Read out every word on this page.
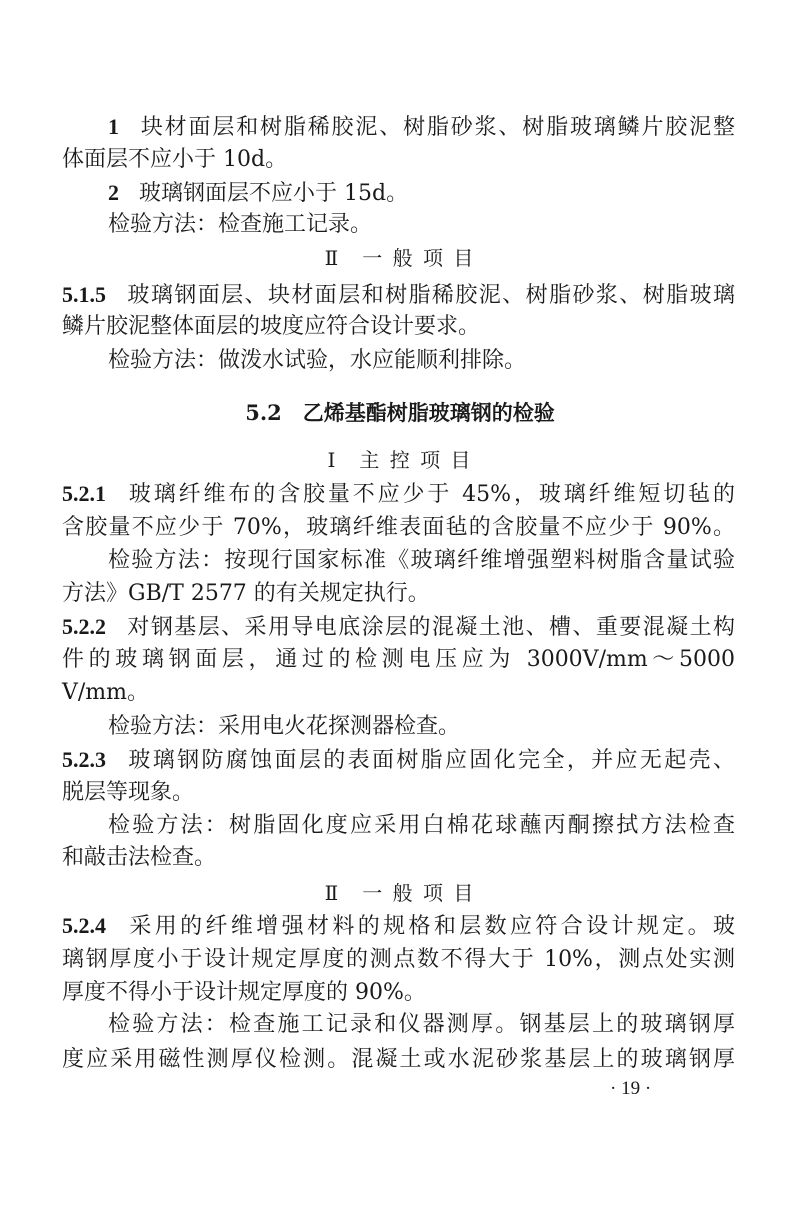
1 块材面层和树脂稀胶泥、树脂砂浆、树脂玻璃鳞片胶泥整
体面层不应小于 10d。
2 玻璃钢面层不应小于 15d。
检验方法：检查施工记录。
Ⅱ　一 般 项 目
5.1.5 玻璃钢面层、块材面层和树脂稀胶泥、树脂砂浆、树脂玻璃
鳞片胶泥整体面层的坡度应符合设计要求。
检验方法：做泼水试验，水应能顺利排除。
5.2　乙烯基酯树脂玻璃钢的检验
Ⅰ　主 控 项 目
5.2.1 玻璃纤维布的含胶量不应少于 45%，玻璃纤维短切毡的
含胶量不应少于 70%，玻璃纤维表面毡的含胶量不应少于 90%。
检验方法：按现行国家标准《玻璃纤维增强塑料树脂含量试验
方法》GB/T 2577 的有关规定执行。
5.2.2 对钢基层、采用导电底涂层的混凝土池、槽、重要混凝土构
件的玻璃钢面层，通过的检测电压应为 3000V/mm～5000
V/mm。
检验方法：采用电火花探测器检查。
5.2.3 玻璃钢防腐蚀面层的表面树脂应固化完全，并应无起壳、
脱层等现象。
检验方法：树脂固化度应采用白棉花球蘸丙酮擦拭方法检查
和敲击法检查。
Ⅱ　一 般 项 目
5.2.4 采用的纤维增强材料的规格和层数应符合设计规定。玻
璃钢厚度小于设计规定厚度的测点数不得大于 10%，测点处实测
厚度不得小于设计规定厚度的 90%。
检验方法：检查施工记录和仪器测厚。钢基层上的玻璃钢厚
度应采用磁性测厚仪检测。混凝土或水泥砂浆基层上的玻璃钢厚
· 19 ·
